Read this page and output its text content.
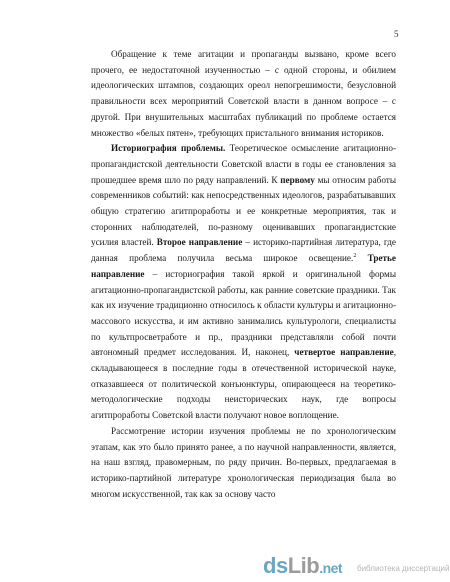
5

Обращение к теме агитации и пропаганды вызвано, кроме всего прочего, ее недостаточной изученностью – с одной стороны, и обилием идеологических штампов, создающих ореол непогрешимости, безусловной правильности всех мероприятий Советской власти в данном вопросе – с другой. При внушительных масштабах публикаций по проблеме остается множество «белых пятен», требующих пристального внимания историков.

Историография проблемы. Теоретическое осмысление агитационно-пропагандистской деятельности Советской власти в годы ее становления за прошедшее время шло по ряду направлений. К первому мы относим работы современников событий: как непосредственных идеологов, разрабатывавших общую стратегию агитпроработы и ее конкретные мероприятия, так и сторонних наблюдателей, по-разному оценивавших пропагандистские усилия властей. Второе направление – историко-партийная литература, где данная проблема получила весьма широкое освещение.$^2$ Третье направление – историография такой яркой и оригинальной формы агитационно-пропагандистской работы, как ранние советские праздники. Так как их изучение традиционно относилось к области культуры и агитационно-массового искусства, и им активно занимались культурологи, специалисты по культпросветработе и пр., праздники представляли собой почти автономный предмет исследования. И, наконец, четвертое направление, складывающееся в последние годы в отечественной исторической науке, отказавшееся от политической конъюнктуры, опирающееся на теоретико-методологические подходы неисторических наук, где вопросы агитпроработы Советской власти получают новое воплощение.

Рассмотрение истории изучения проблемы не по хронологическим этапам, как это было принято ранее, а по научной направленности, является, на наш взгляд, правомерным, по ряду причин. Во-первых, предлагаемая в историко-партийной литературе хронологическая периодизация была во многом искусственной, так как за основу часто

dsLib.net библиотека диссертаций
